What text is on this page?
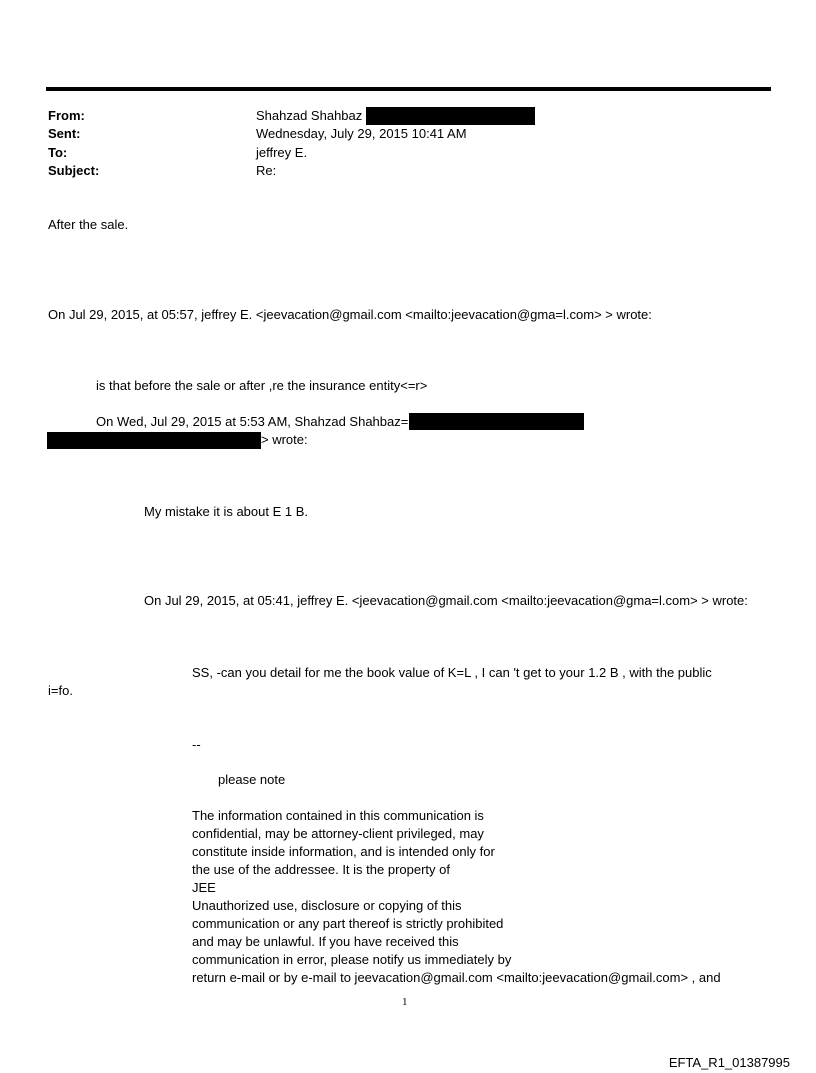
From:	Shahzad Shahbaz
Sent:	Wednesday, July 29, 2015 10:41 AM
To:	jeffrey E.
Subject:	Re:
After the sale.
On Jul 29, 2015, at 05:57, jeffrey E. <jeevacation@gmail.com <mailto:jeevacation@gma=l.com> > wrote:
is that before the sale or after ,re the insurance entity<=r>
On Wed, Jul 29, 2015 at 5:53 AM, Shahzad Shahbaz=
> wrote:
My mistake it is about E 1 B.
On Jul 29, 2015, at 05:41, jeffrey E. <jeevacation@gmail.com <mailto:jeevacation@gma=l.com> > wrote:
SS, -can you detail for me the book value of K=L , I can 't get to your 1.2 B , with the public
i=fo.
--
please note
The information contained in this communication is
confidential, may be attorney-client privileged, may
constitute inside information, and is intended only for
the use of the addressee. It is the property of
JEE
Unauthorized use, disclosure or copying of this
communication or any part thereof is strictly prohibited
and may be unlawful. If you have received this
communication in error, please notify us immediately by
return e-mail or by e-mail to jeevacation@gmail.com <mailto:jeevacation@gmail.com> , and
1
EFTA_R1_01387995
